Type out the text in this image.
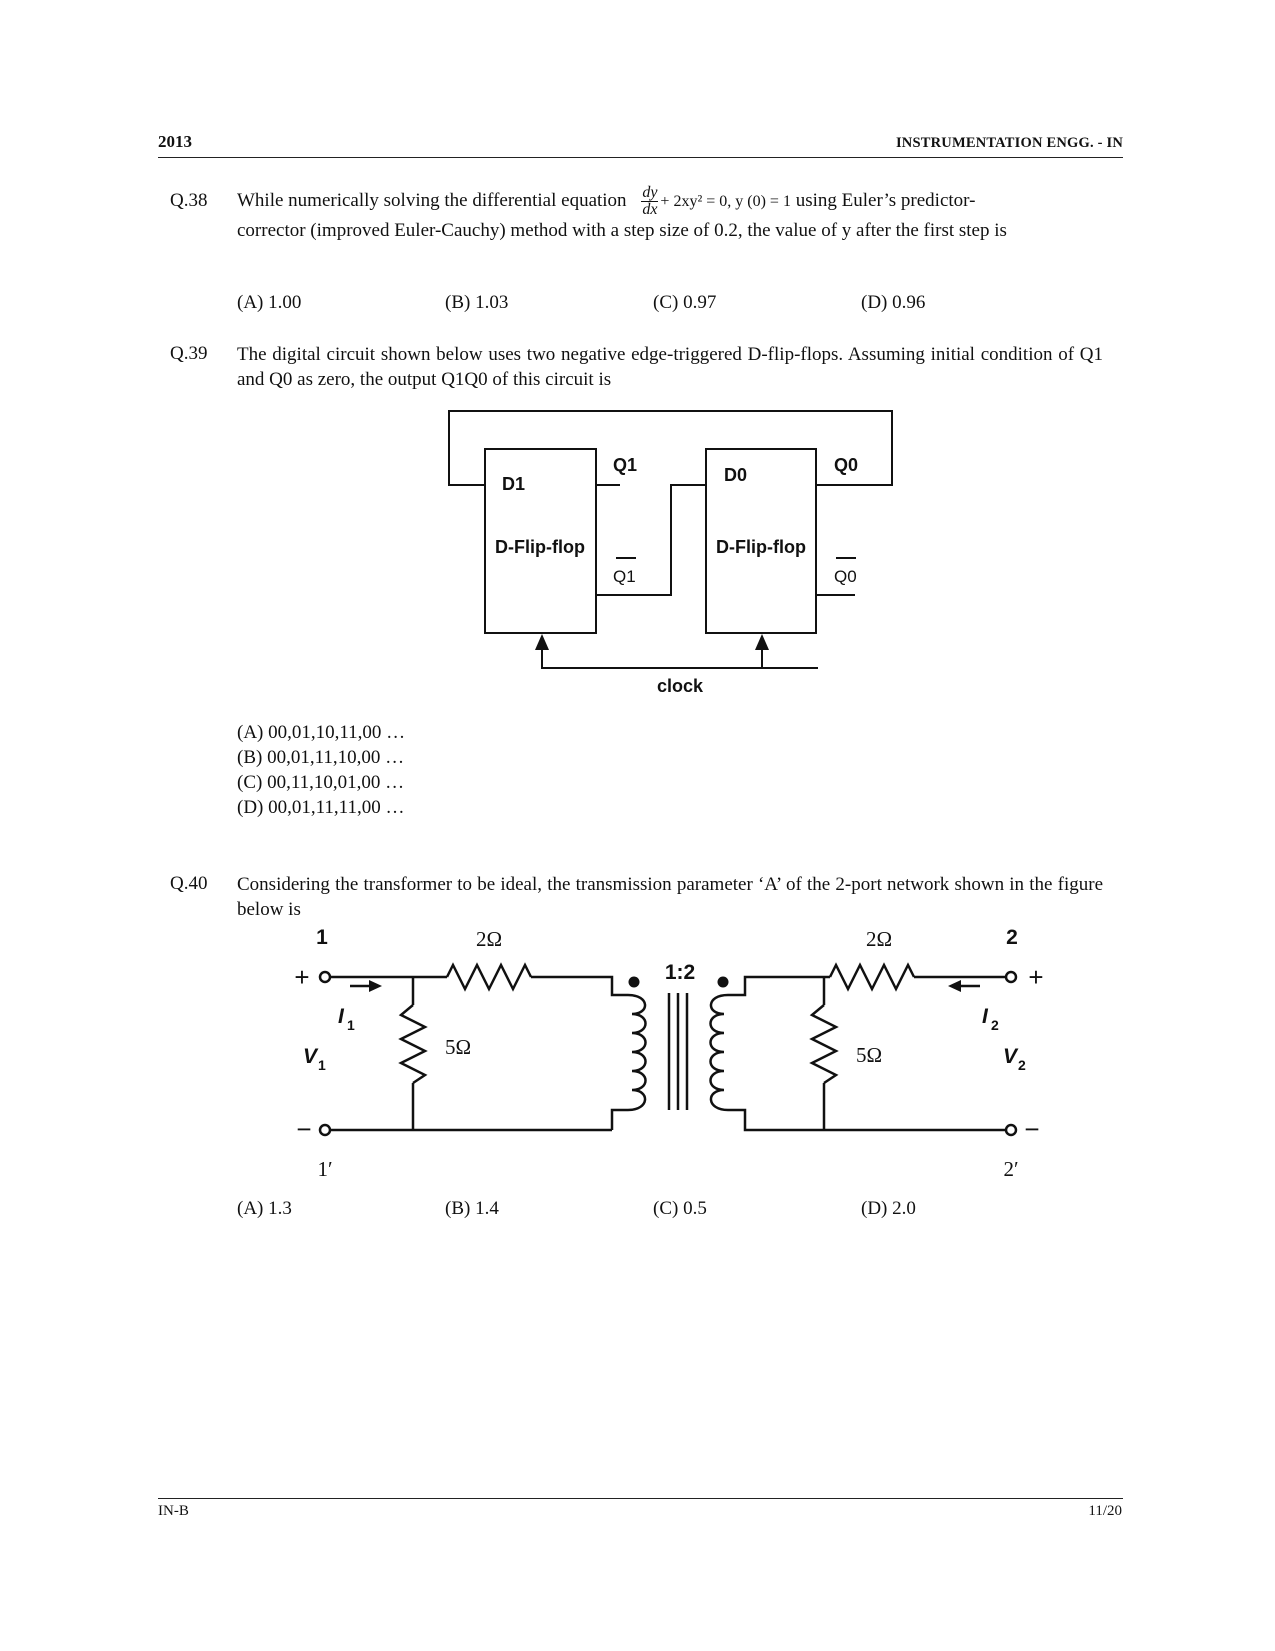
2013	INSTRUMENTATION ENGG. - IN
Q.38 While numerically solving the differential equation $\frac{dy}{dx} + 2xy^2 = 0$, y (0) = 1 using Euler’s predictor-
corrector (improved Euler-Cauchy) method with a step size of 0.2, the value of y after the first step is
(A) 1.00	(B) 1.03	(C) 0.97	(D) 0.96
Q.39 The digital circuit shown below uses two negative edge-triggered D-flip-flops. Assuming initial condition of Q1 and Q0 as zero, the output Q1Q0 of this circuit is
D1	D0
Q1	Q0
D-Flip-flop	D-Flip-flop
clock
Q1	Q0
(A) 00,01,10,11,00 …
(B) 00,01,11,10,00 …
(C) 00,11,10,01,00 …
(D) 00,01,11,11,00 …
Q.40 Considering the transformer to be ideal, the transmission parameter ‘A’ of the 2-port network shown in the figure below is
1	2
1:2
+	+
−	−
2Ω	2Ω
5Ω	5Ω
1′	2′
I 1	I 2
V 1	V 2
(A) 1.3	(B) 1.4	(C) 0.5	(D) 2.0
IN-B	11/20
